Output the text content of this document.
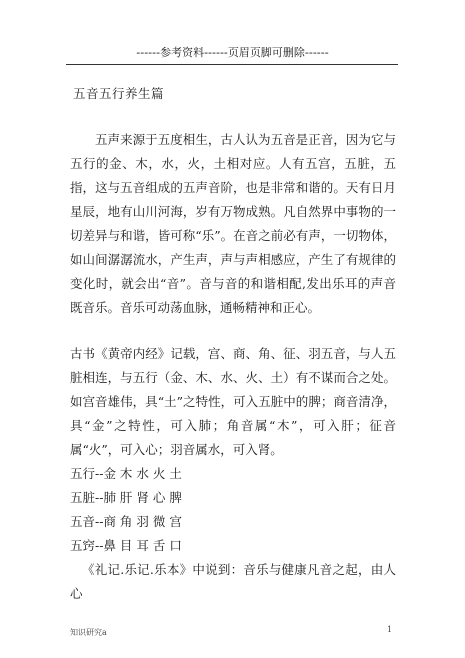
------参考资料------页眉页脚可删除------
五音五行养生篇

五声来源于五度相生，古人认为五音是正音，因为它与五行的金、木，水，火，土相对应。人有五宫，五脏，五指，这与五音组成的五声音阶，也是非常和谐的。天有日月星辰，地有山川河海，岁有万物成熟。凡自然界中事物的一切差异与和谐，皆可称“乐”。在音之前必有声，一切物体，如山间潺潺流水，产生声，声与声相感应，产生了有规律的变化时，就会出“音”。音与音的和谐相配,发出乐耳的声音既音乐。音乐可动荡血脉，通畅精神和正心。

古书《黄帝内经》记载，宫、商、角、征、羽五音，与人五脏相连，与五行（金、木、水、火、土）有不谋而合之处。如宫音雄伟，具“土”之特性，可入五脏中的脾；商音清净，具“金”之特性，可入肺；角音属“木”，可入肝；征音属“火”，可入心；羽音属水，可入肾。

五行--金 木 水 火 土

五脏--肺 肝 肾 心 脾

五音--商 角 羽 微 宫

五窍--鼻 目 耳 舌 口

《礼记.乐记.乐本》中说到：音乐与健康凡音之起，由人心

知识研究a	1
